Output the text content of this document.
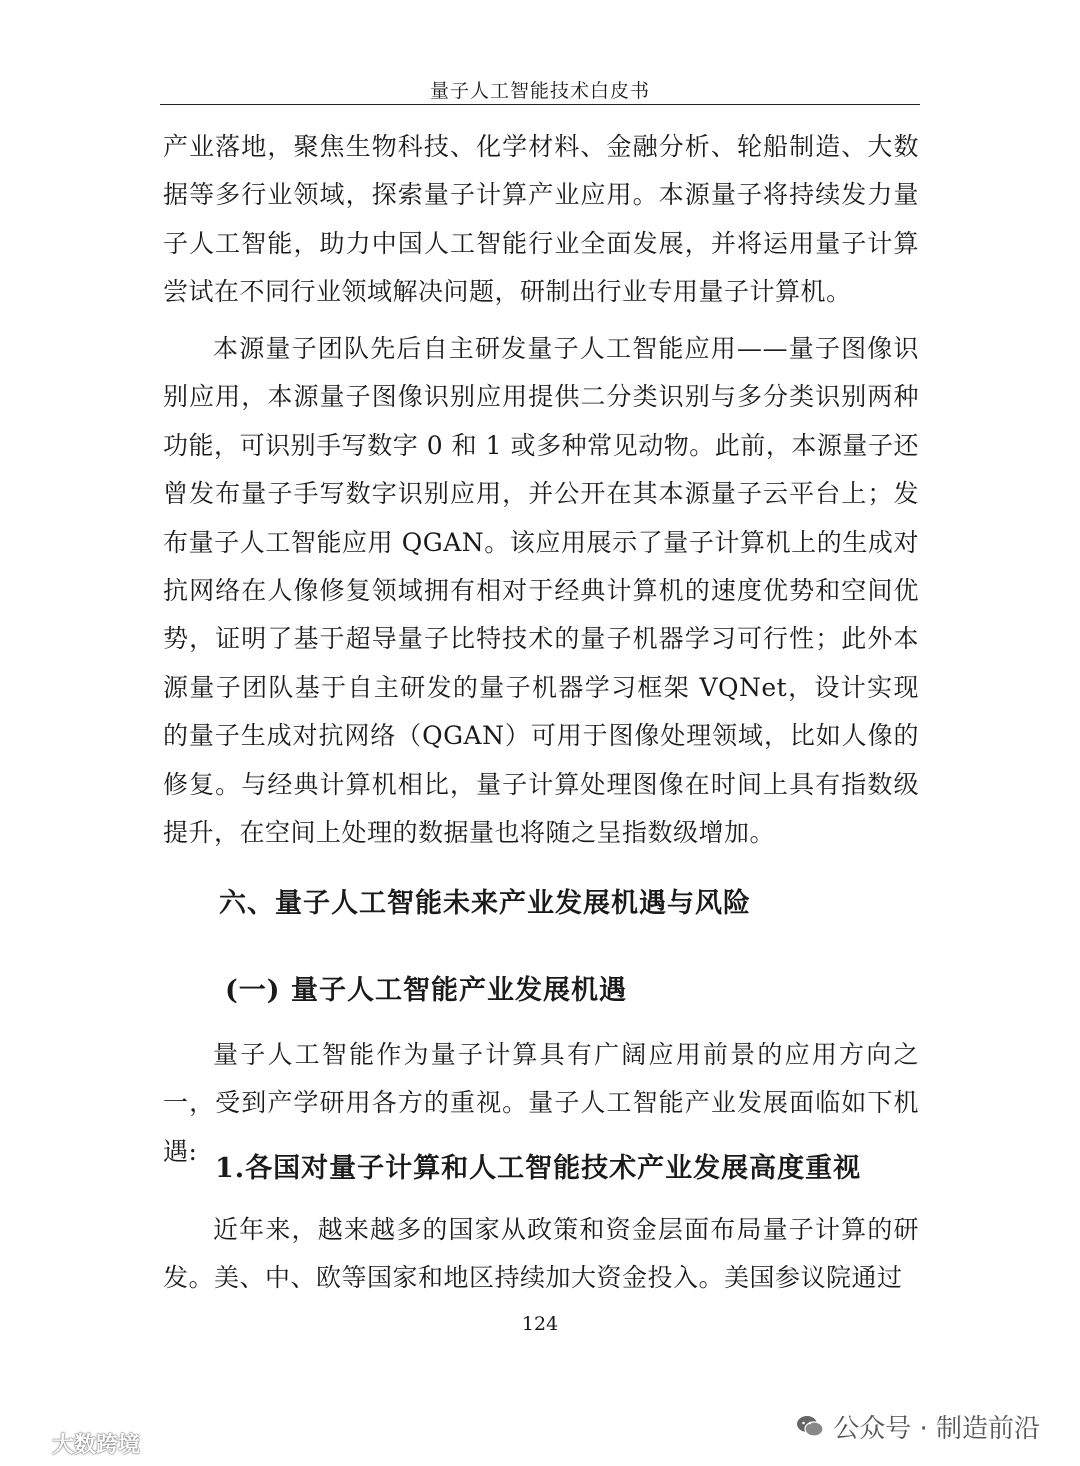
量子人工智能技术白皮书

产业落地，聚焦生物科技、化学材料、金融分析、轮船制造、大数据等多行业领域，探索量子计算产业应用。本源量子将持续发力量子人工智能，助力中国人工智能行业全面发展，并将运用量子计算尝试在不同行业领域解决问题，研制出行业专用量子计算机。

本源量子团队先后自主研发量子人工智能应用——量子图像识别应用，本源量子图像识别应用提供二分类识别与多分类识别两种功能，可识别手写数字 0 和 1 或多种常见动物。此前，本源量子还曾发布量子手写数字识别应用，并公开在其本源量子云平台上；发布量子人工智能应用 QGAN。该应用展示了量子计算机上的生成对抗网络在人像修复领域拥有相对于经典计算机的速度优势和空间优势，证明了基于超导量子比特技术的量子机器学习可行性；此外本源量子团队基于自主研发的量子机器学习框架 VQNet，设计实现的量子生成对抗网络（QGAN）可用于图像处理领域，比如人像的修复。与经典计算机相比，量子计算处理图像在时间上具有指数级提升，在空间上处理的数据量也将随之呈指数级增加。

六、量子人工智能未来产业发展机遇与风险
(一) 量子人工智能产业发展机遇

量子人工智能作为量子计算具有广阔应用前景的应用方向之一，受到产学研用各方的重视。量子人工智能产业发展面临如下机遇:

1.各国对量子计算和人工智能技术产业发展高度重视

近年来，越来越多的国家从政策和资金层面布局量子计算的研发。美、中、欧等国家和地区持续加大资金投入。美国参议院通过

124
公众号 · 制造前沿
大数跨境
